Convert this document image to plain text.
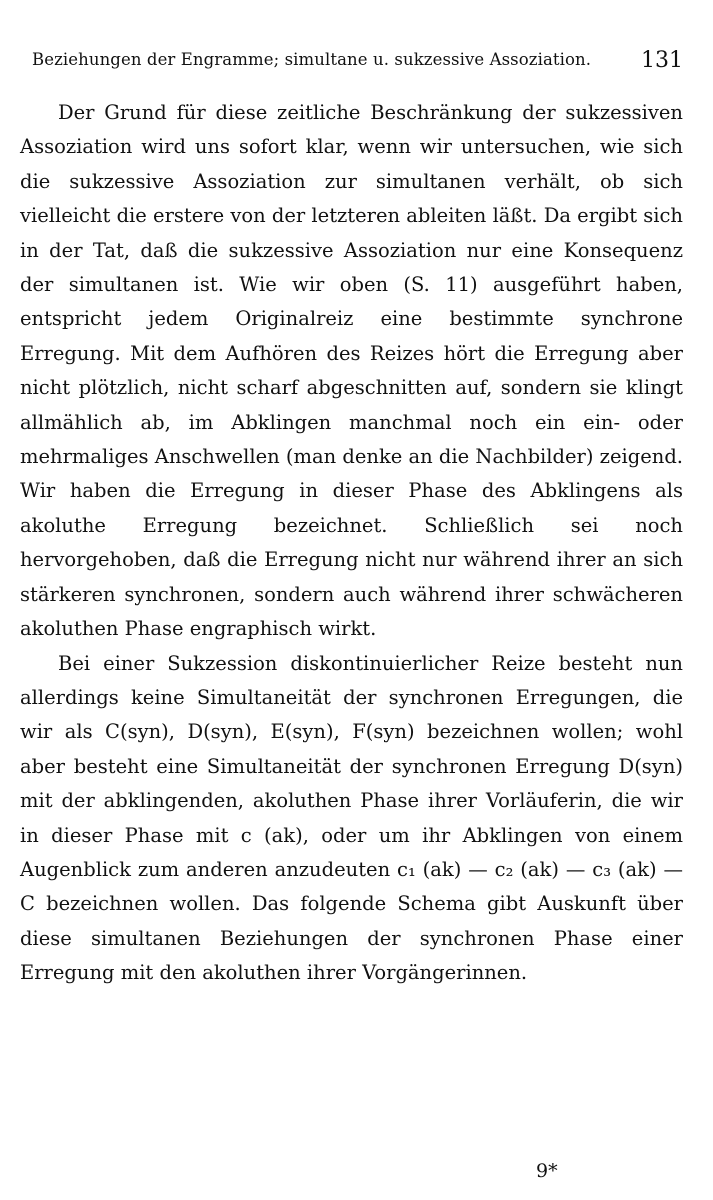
Beziehungen der Engramme; simultane u. sukzessive Assoziation. 131

Der Grund für diese zeitliche Beschränkung der sukzessiven Assoziation wird uns sofort klar, wenn wir untersuchen, wie sich die sukzessive Assoziation zur simultanen verhält, ob sich vielleicht die erstere von der letzteren ableiten läßt. Da ergibt sich in der Tat, daß die sukzessive Assoziation nur eine Konsequenz der simultanen ist. Wie wir oben (S. 11) ausgeführt haben, entspricht jedem Originalreiz eine bestimmte synchrone Erregung. Mit dem Aufhören des Reizes hört die Erregung aber nicht plötzlich, nicht scharf abgeschnitten auf, sondern sie klingt allmählich ab, im Abklingen manchmal noch ein ein- oder mehrmaliges Anschwellen (man denke an die Nachbilder) zeigend. Wir haben die Erregung in dieser Phase des Abklingens als akoluthe Erregung bezeichnet. Schließlich sei noch hervorgehoben, daß die Erregung nicht nur während ihrer an sich stärkeren synchronen, sondern auch während ihrer schwächeren akoluthen Phase engraphisch wirkt.

Bei einer Sukzession diskontinuierlicher Reize besteht nun allerdings keine Simultaneität der synchronen Erregungen, die wir als C(syn), D(syn), E(syn), F(syn) bezeichnen wollen; wohl aber besteht eine Simultaneität der synchronen Erregung D(syn) mit der abklingenden, akoluthen Phase ihrer Vorläuferin, die wir in dieser Phase mit c (ak), oder um ihr Abklingen von einem Augenblick zum anderen anzudeuten c₁ (ak) — c₂ (ak) — c₃ (ak) — C bezeichnen wollen. Das folgende Schema gibt Auskunft über diese simultanen Beziehungen der synchronen Phase einer Erregung mit den akoluthen ihrer Vorgängerinnen.

9*
